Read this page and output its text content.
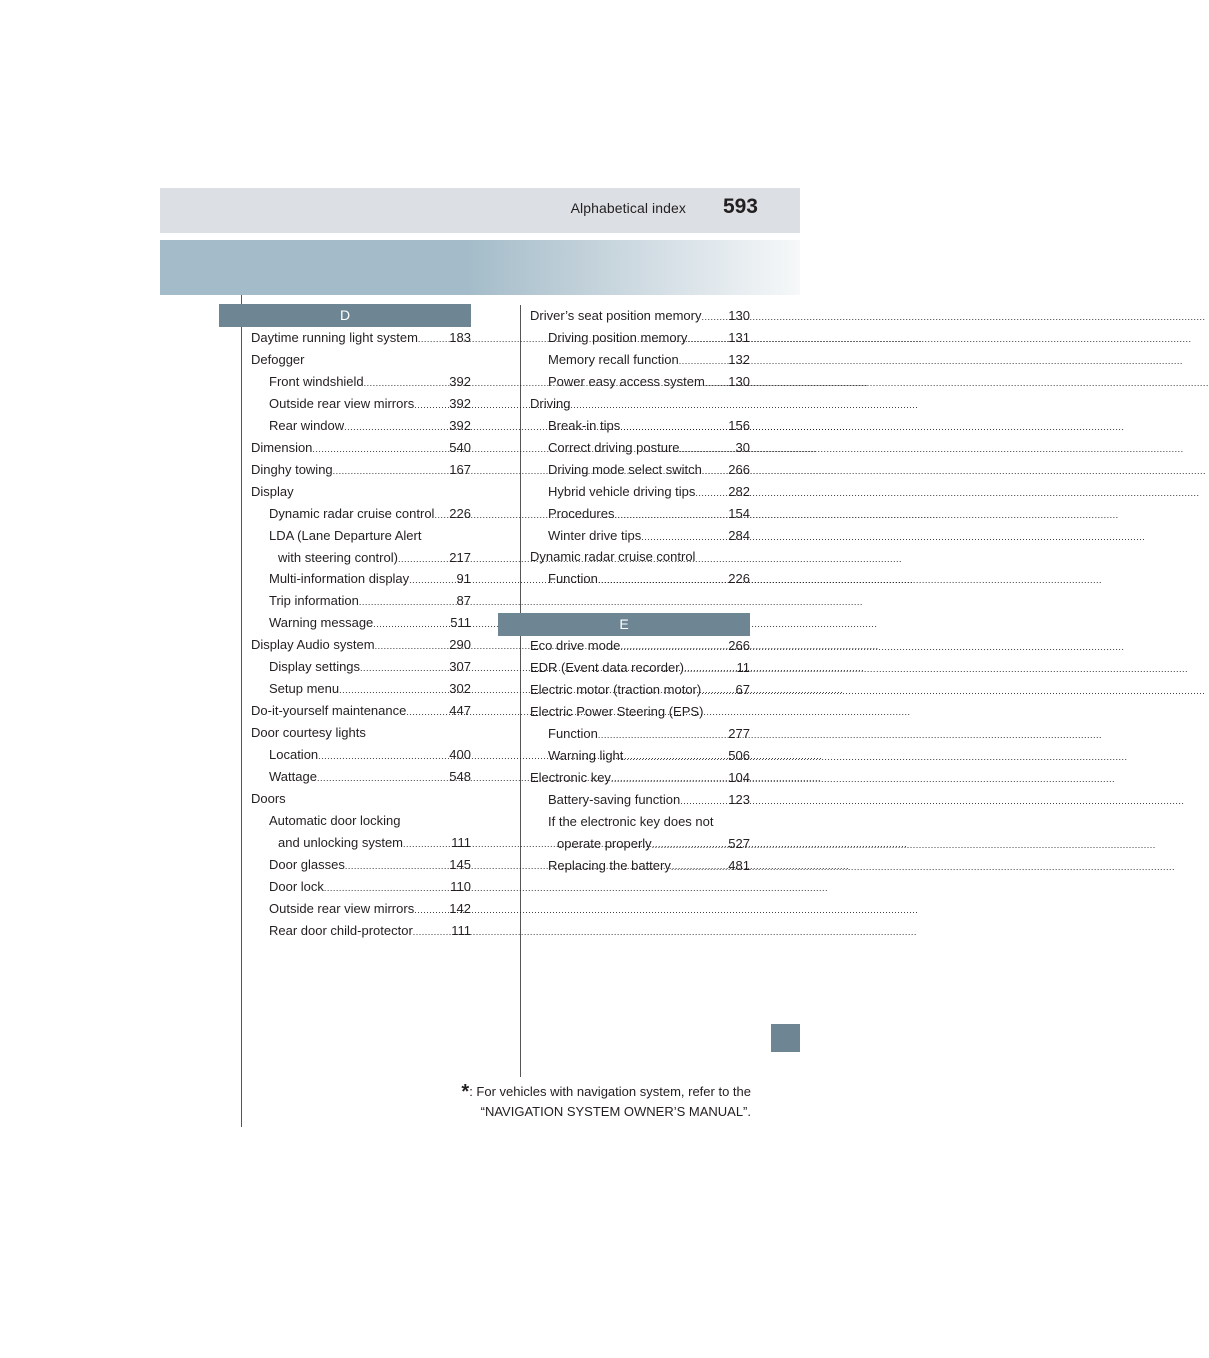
Alphabetical index 593
D
Daytime running light system ..... 183
Defogger
Front windshield .....	392
Outside rear view mirrors .....	392
Rear window .....	392
Dimension .....	540
Dinghy towing .....	167
Display
Dynamic radar cruise control ..... 226
LDA (Lane Departure Alert
with steering control) .....	217
Multi-information display .....	91
Trip information .....	87
Warning message .....	511
Display Audio system .....	290
Display settings .....	307
Setup menu .....	302
Do-it-yourself maintenance .....	447
Door courtesy lights
Location .....	400
Wattage .....	548
Doors
Automatic door locking
and unlocking system .....	111
Door glasses .....	145
Door lock .....	110
Outside rear view mirrors .....	142
Rear door child-protector .....	111
Driver’s seat position memory ..... 130
Driving position memory .....	131
Memory recall function .....	132
Power easy access system ..... 130
Driving
Break-in tips .....	156
Correct driving posture .....	30
Driving mode select switch ..... 266
Hybrid vehicle driving tips .....	282
Procedures .....	154
Winter drive tips .....	284
Dynamic radar cruise control
Function .....	226
E
Eco drive mode .....	266
EDR (Event data recorder) .....	11
Electric motor (traction motor) .....	67
Electric Power Steering (EPS)
Function .....	277
Warning light .....	506
Electronic key .....	104
Battery-saving function .....	123
If the electronic key does not
operate properly .....	527
Replacing the battery .....	481
*: For vehicles with navigation system, refer to the
“NAVIGATION SYSTEM OWNER’S MANUAL”.
